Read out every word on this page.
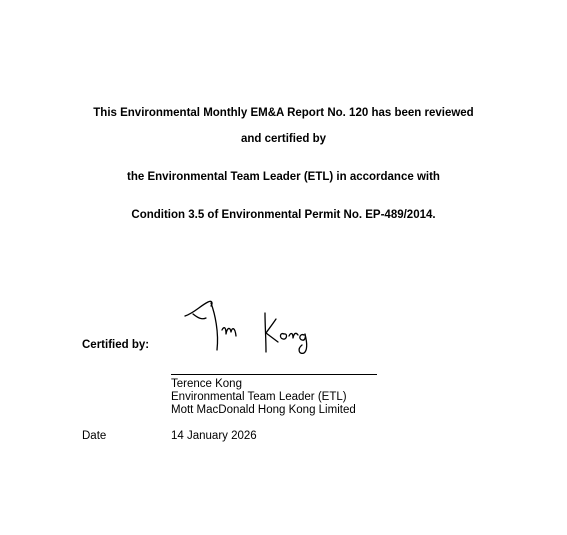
This Environmental Monthly EM&A Report No. 120 has been reviewed
and certified by
the Environmental Team Leader (ETL) in accordance with
Condition 3.5 of Environmental Permit No. EP-489/2014.
Certified by:
Terence Kong
Environmental Team Leader (ETL)
Mott MacDonald Hong Kong Limited
Date	14 January 2026
